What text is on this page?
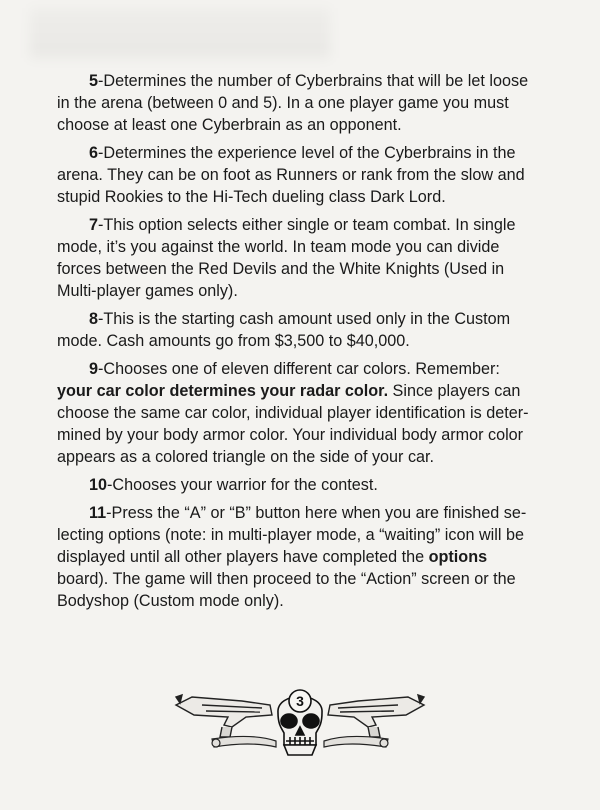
5-Determines the number of Cyberbrains that will be let loose
in the arena (between 0 and 5). In a one player game you must
choose at least one Cyberbrain as an opponent.

6-Determines the experience level of the Cyberbrains in the
arena. They can be on foot as Runners or rank from the slow and
stupid Rookies to the Hi-Tech dueling class Dark Lord.

7-This option selects either single or team combat. In single
mode, it’s you against the world. In team mode you can divide
forces between the Red Devils and the White Knights (Used in
Multi-player games only).

8-This is the starting cash amount used only in the Custom
mode. Cash amounts go from $3,500 to $40,000.

9-Chooses one of eleven different car colors. Remember:
your car color determines your radar color. Since players can
choose the same car color, individual player identification is deter-
mined by your body armor color. Your individual body armor color
appears as a colored triangle on the side of your car.

10-Chooses your warrior for the contest.

11-Press the “A” or “B” button here when you are finished se-
lecting options (note: in multi-player mode, a “waiting” icon will be
displayed until all other players have completed the options
board). The game will then proceed to the “Action” screen or the
Bodyshop (Custom mode only).

3
